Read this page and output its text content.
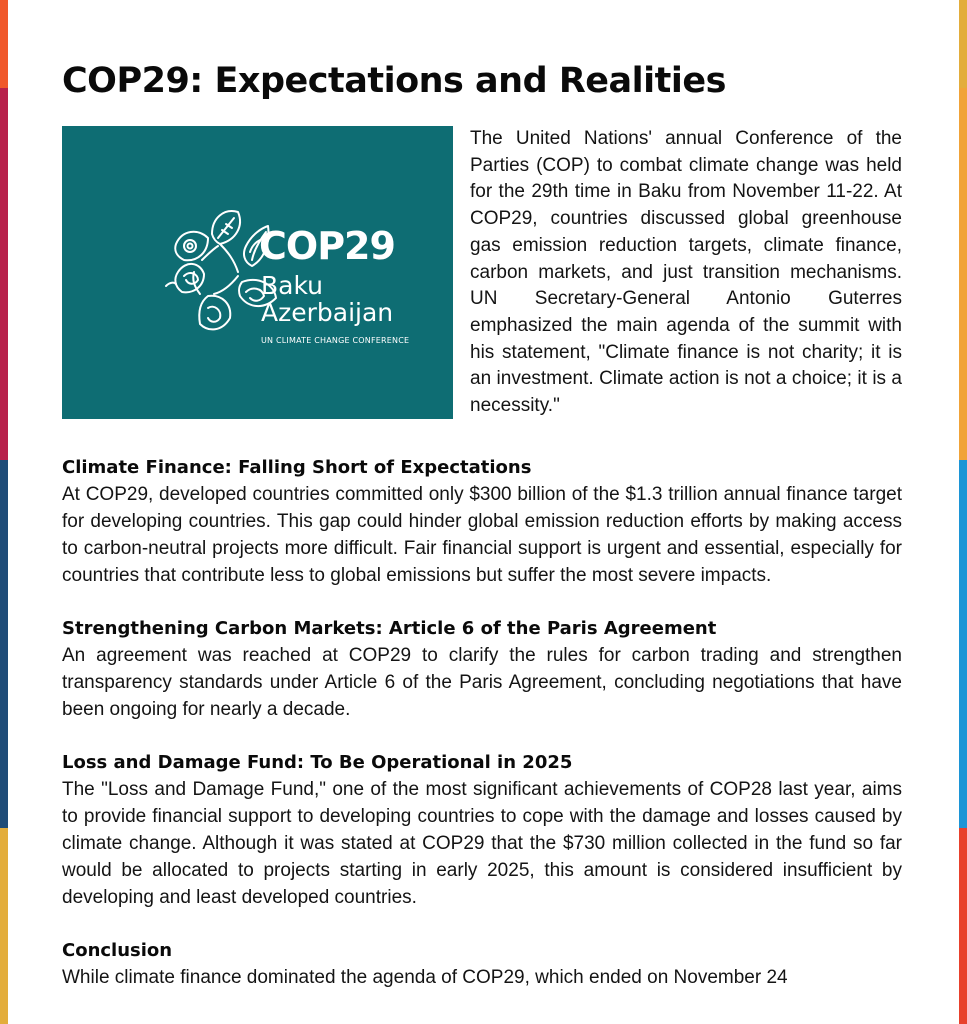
COP29: Expectations and Realities
COP29
Baku
Azerbaijan
UN CLIMATE CHANGE CONFERENCE

The United Nations' annual Conference of the Parties (COP) to combat climate change was held for the 29th time in Baku from November 11-22. At COP29, countries discussed global greenhouse gas emission reduction targets, climate finance, carbon markets, and just transition mechanisms. UN Secretary-General Antonio Guterres emphasized the main agenda of the summit with his statement, "Climate finance is not charity; it is an investment. Climate action is not a choice; it is a necessity."

Climate Finance: Falling Short of Expectations

At COP29, developed countries committed only $300 billion of the $1.3 trillion annual finance target for developing countries. This gap could hinder global emission reduction efforts by making access to carbon-neutral projects more difficult. Fair financial support is urgent and essential, especially for countries that contribute less to global emissions but suffer the most severe impacts.

Strengthening Carbon Markets: Article 6 of the Paris Agreement

An agreement was reached at COP29 to clarify the rules for carbon trading and strengthen transparency standards under Article 6 of the Paris Agreement, concluding negotiations that have been ongoing for nearly a decade.

Loss and Damage Fund: To Be Operational in 2025

The "Loss and Damage Fund," one of the most significant achievements of COP28 last year, aims to provide financial support to developing countries to cope with the damage and losses caused by climate change. Although it was stated at COP29 that the $730 million collected in the fund so far would be allocated to projects starting in early 2025, this amount is considered insufficient by developing and least developed countries.

Conclusion

While climate finance dominated the agenda of COP29, which ended on November 24
